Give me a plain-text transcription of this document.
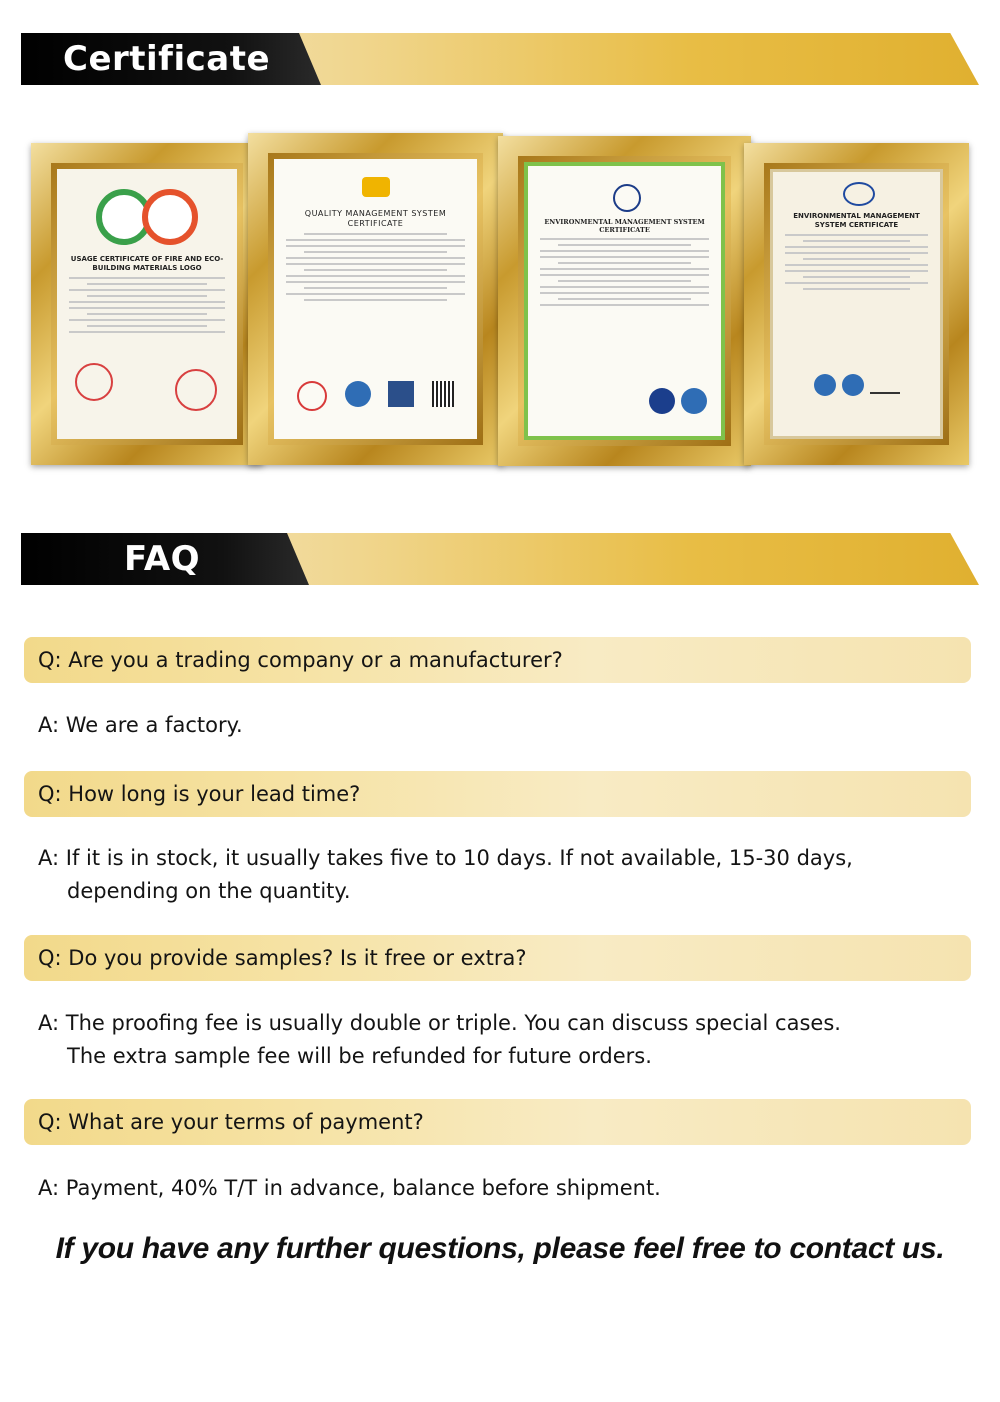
Certificate
USAGE CERTIFICATE OF FIRE AND ECO-BUILDING MATERIALS LOGO
QUALITY MANAGEMENT SYSTEM CERTIFICATE	ENVIRONMENTAL MANAGEMENT SYSTEM CERTIFICATE
ENVIRONMENTAL MANAGEMENT SYSTEM CERTIFICATE
FAQ
Q: Are you a trading company or a manufacturer?
A: We are a factory.
Q: How long is your lead time?
A: If it is in stock, it usually takes five to 10 days. If not available, 15-30 days,
depending on the quantity.
Q: Do you provide samples? Is it free or extra?
A: The proofing fee is usually double or triple. You can discuss special cases.
The extra sample fee will be refunded for future orders.
Q: What are your terms of payment?
A: Payment, 40% T/T in advance, balance before shipment.
If you have any further questions, please feel free to contact us.
